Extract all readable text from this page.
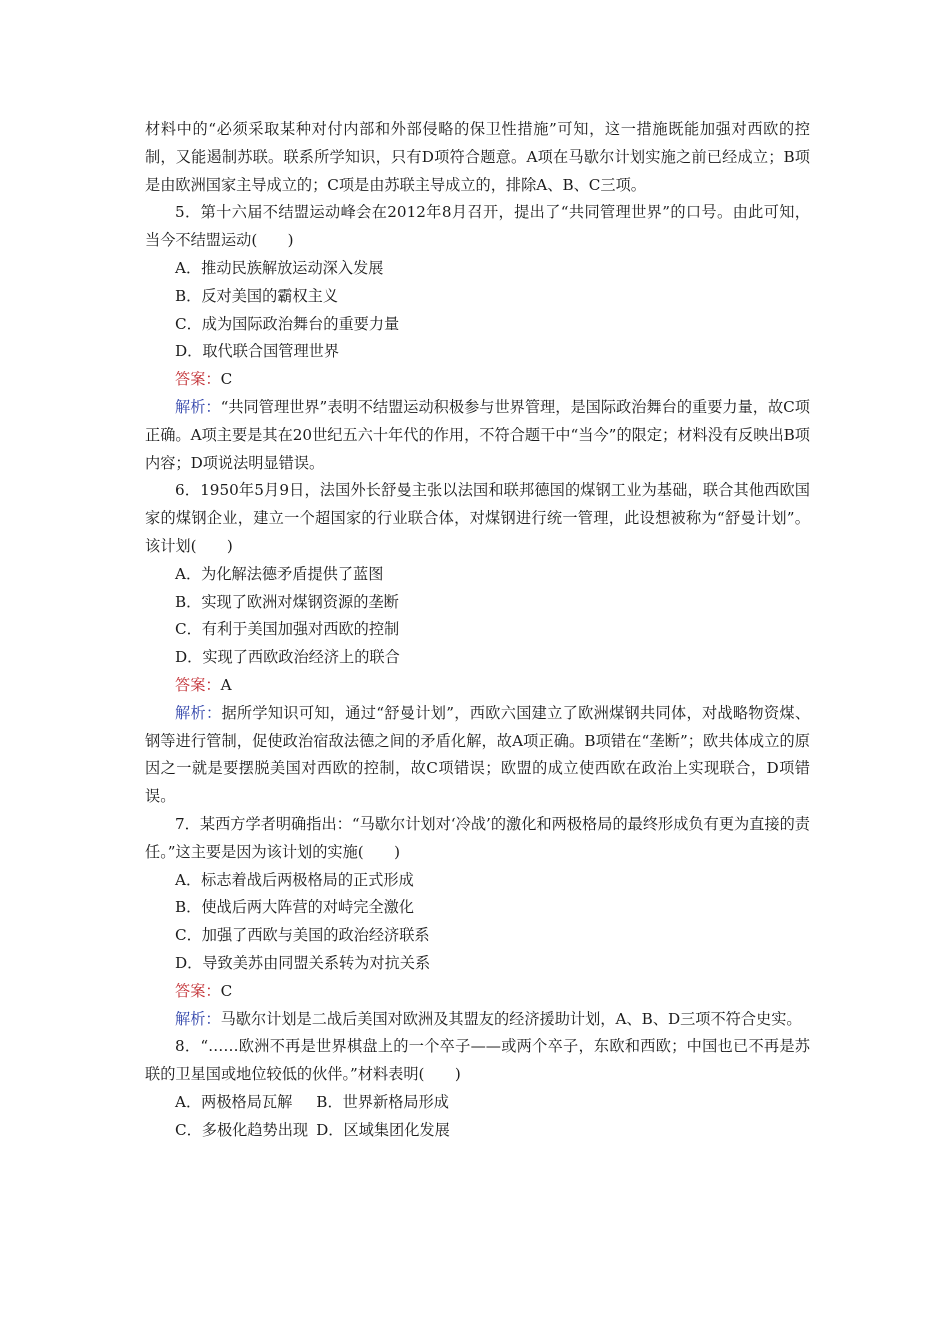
材料中的“必须采取某种对付内部和外部侵略的保卫性措施”可知，这一措施既能加强对西欧的控制，又能遏制苏联。联系所学知识，只有D项符合题意。A项在马歇尔计划实施之前已经成立；B项是由欧洲国家主导成立的；C项是由苏联主导成立的，排除A、B、C三项。

5．第十六届不结盟运动峰会在2012年8月召开，提出了“共同管理世界”的口号。由此可知，当今不结盟运动(　　)

A．推动民族解放运动深入发展
B．反对美国的霸权主义
C．成为国际政治舞台的重要力量
D．取代联合国管理世界
答案：C

解析：“共同管理世界”表明不结盟运动积极参与世界管理，是国际政治舞台的重要力量，故C项正确。A项主要是其在20世纪五六十年代的作用，不符合题干中“当今”的限定；材料没有反映出B项内容；D项说法明显错误。

6．1950年5月9日，法国外长舒曼主张以法国和联邦德国的煤钢工业为基础，联合其他西欧国家的煤钢企业，建立一个超国家的行业联合体，对煤钢进行统一管理，此设想被称为“舒曼计划”。该计划(　　)

A．为化解法德矛盾提供了蓝图
B．实现了欧洲对煤钢资源的垄断
C．有利于美国加强对西欧的控制
D．实现了西欧政治经济上的联合
答案：A

解析：据所学知识可知，通过“舒曼计划”，西欧六国建立了欧洲煤钢共同体，对战略物资煤、钢等进行管制，促使政治宿敌法德之间的矛盾化解，故A项正确。B项错在“垄断”；欧共体成立的原因之一就是要摆脱美国对西欧的控制，故C项错误；欧盟的成立使西欧在政治上实现联合，D项错误。

7．某西方学者明确指出：“马歇尔计划对‘冷战’的激化和两极格局的最终形成负有更为直接的责任。”这主要是因为该计划的实施(　　)

A．标志着战后两极格局的正式形成
B．使战后两大阵营的对峙完全激化
C．加强了西欧与美国的政治经济联系
D．导致美苏由同盟关系转为对抗关系
答案：C

解析：马歇尔计划是二战后美国对欧洲及其盟友的经济援助计划，A、B、D三项不符合史实。

8．“……欧洲不再是世界棋盘上的一个卒子——或两个卒子，东欧和西欧；中国也已不再是苏联的卫星国或地位较低的伙伴。”材料表明(　　)

A．两极格局瓦解 B．世界新格局形成
C．多极化趋势出现 D．区域集团化发展
